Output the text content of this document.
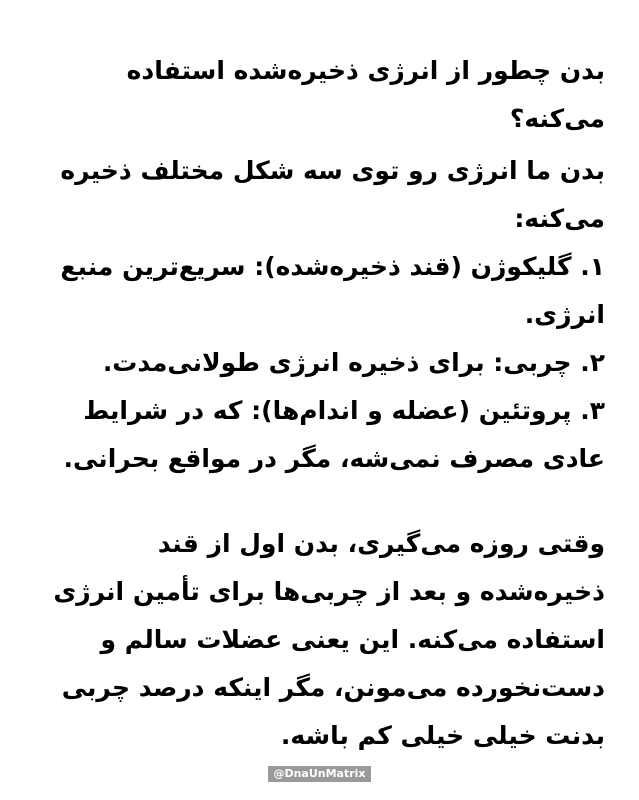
بدن چطور از انرژی ذخیره‌شده استفاده می‌کنه؟
بدن ما انرژی رو توی سه شکل مختلف ذخیره می‌کنه:
۱. گلیکوژن (قند ذخیره‌شده): سریع‌ترین منبع انرژی.
۲. چربی: برای ذخیره انرژی طولانی‌مدت.
۳. پروتئین (عضله و اندام‌ها): که در شرایط عادی مصرف نمی‌شه، مگر در مواقع بحرانی.
وقتی روزه می‌گیری، بدن اول از قند ذخیره‌شده و بعد از چربی‌ها برای تأمین انرژی استفاده می‌کنه. این یعنی عضلات سالم و دست‌نخورده می‌مونن، مگر اینکه درصد چربی بدنت خیلی خیلی کم باشه.
@DnaUnMatrix
